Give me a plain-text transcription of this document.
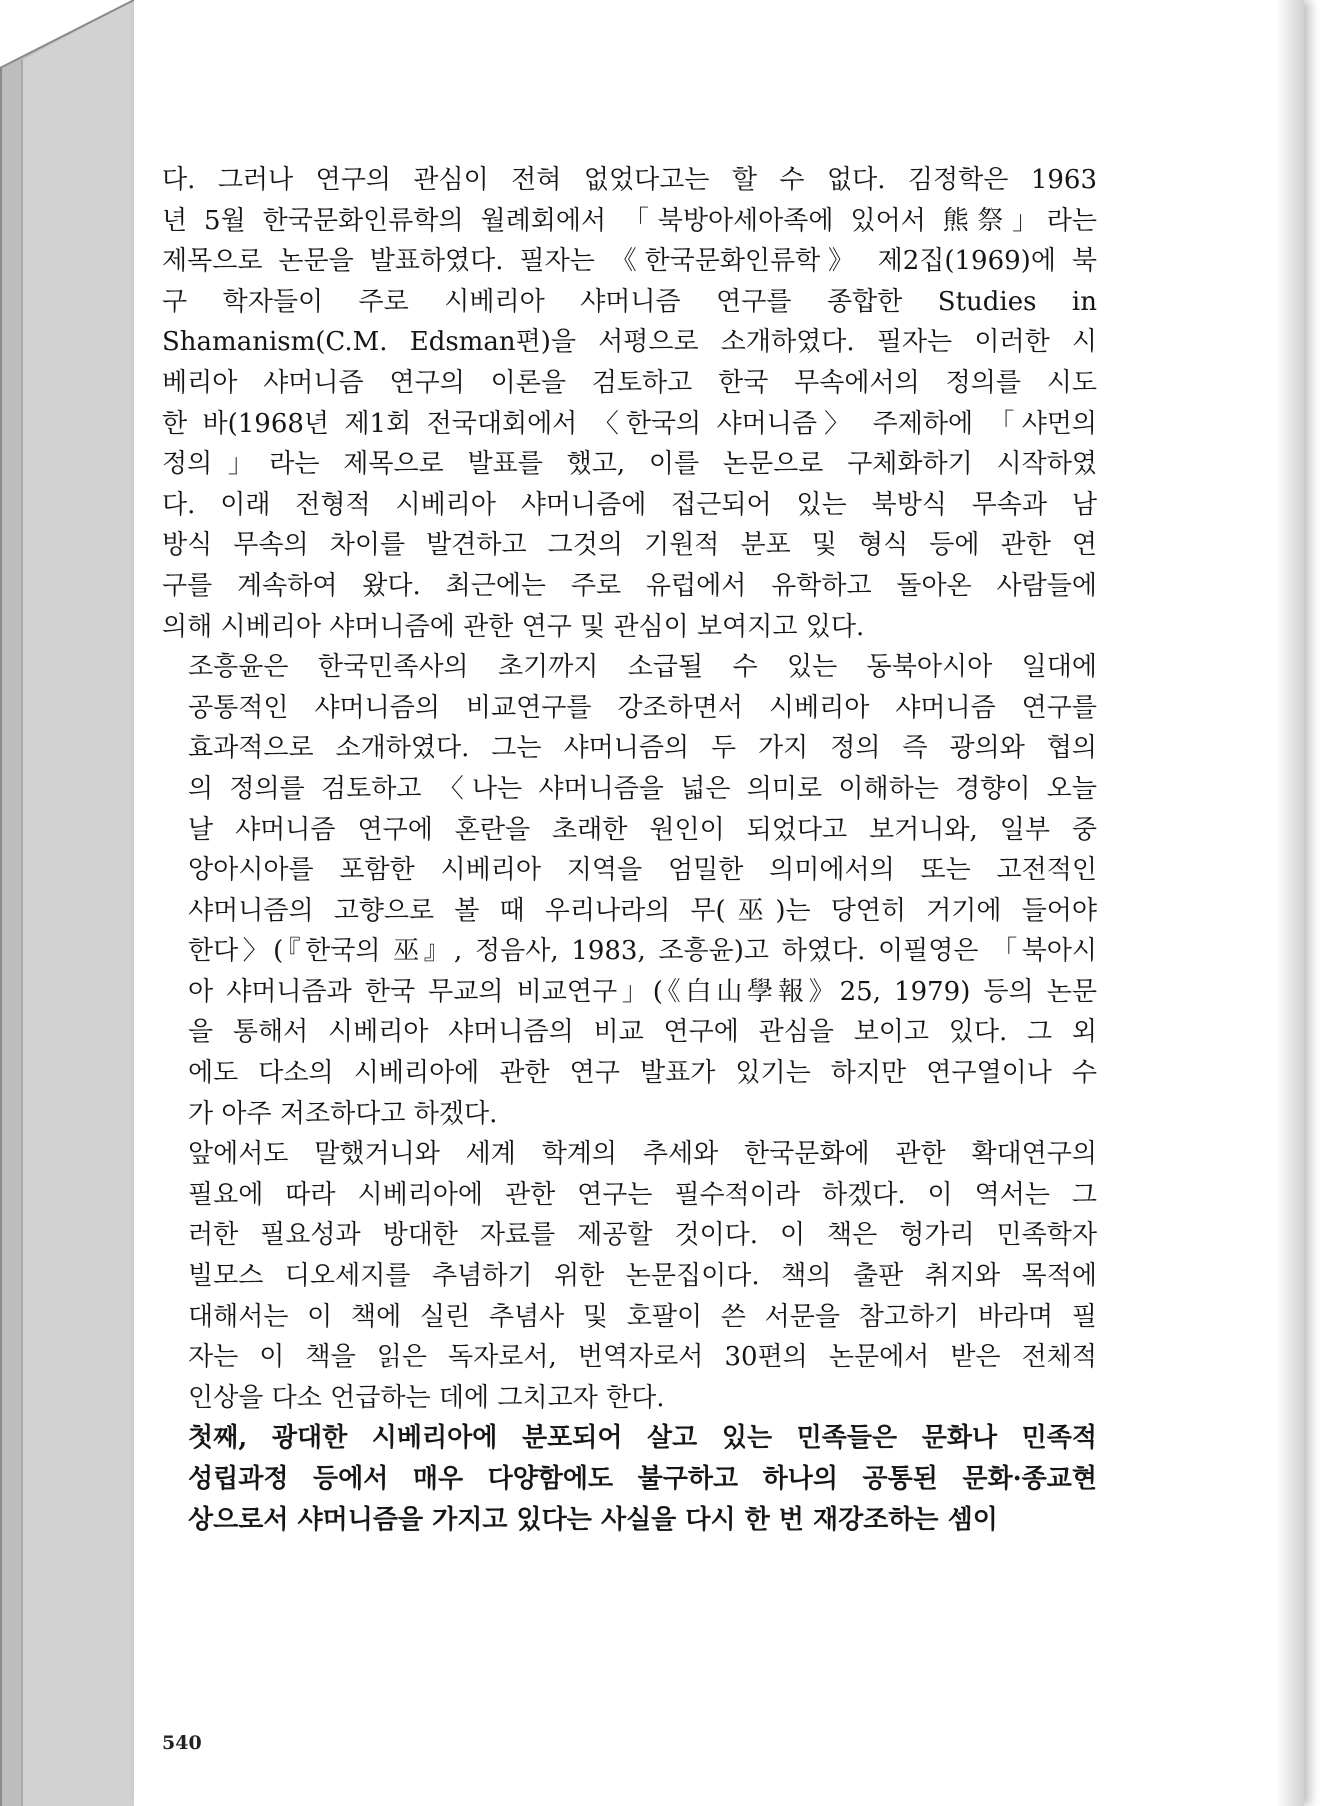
다. 그러나 연구의 관심이 전혀 없었다고는 할 수 없다. 김정학은 1963
년 5월 한국문화인류학의 월례회에서 「북방아세아족에 있어서 熊祭」라는
제목으로 논문을 발표하였다. 필자는 《한국문화인류학》 제2집(1969)에 북
구 학자들이 주로 시베리아 샤머니즘 연구를 종합한 Studies in
Shamanism(C.M. Edsman편)을 서평으로 소개하였다. 필자는 이러한 시
베리아 샤머니즘 연구의 이론을 검토하고 한국 무속에서의 정의를 시도
한 바(1968년 제1회 전국대회에서 〈한국의 샤머니즘〉 주제하에 「샤먼의
정의」라는 제목으로 발표를 했고, 이를 논문으로 구체화하기 시작하였
다. 이래 전형적 시베리아 샤머니즘에 접근되어 있는 북방식 무속과 남
방식 무속의 차이를 발견하고 그것의 기원적 분포 및 형식 등에 관한 연
구를 계속하여 왔다. 최근에는 주로 유럽에서 유학하고 돌아온 사람들에
의해 시베리아 샤머니즘에 관한 연구 및 관심이 보여지고 있다.
조흥윤은 한국민족사의 초기까지 소급될 수 있는 동북아시아 일대에
공통적인 샤머니즘의 비교연구를 강조하면서 시베리아 샤머니즘 연구를
효과적으로 소개하였다. 그는 샤머니즘의 두 가지 정의 즉 광의와 협의
의 정의를 검토하고 〈나는 샤머니즘을 넓은 의미로 이해하는 경향이 오늘
날 샤머니즘 연구에 혼란을 초래한 원인이 되었다고 보거니와, 일부 중
앙아시아를 포함한 시베리아 지역을 엄밀한 의미에서의 또는 고전적인
샤머니즘의 고향으로 볼 때 우리나라의 무(巫)는 당연히 거기에 들어야
한다〉(『한국의 巫』, 정음사, 1983, 조흥윤)고 하였다. 이필영은 「북아시
아 샤머니즘과 한국 무교의 비교연구」(《白山學報》25, 1979) 등의 논문
을 통해서 시베리아 샤머니즘의 비교 연구에 관심을 보이고 있다. 그 외
에도 다소의 시베리아에 관한 연구 발표가 있기는 하지만 연구열이나 수
가 아주 저조하다고 하겠다.
앞에서도 말했거니와 세계 학계의 추세와 한국문화에 관한 확대연구의
필요에 따라 시베리아에 관한 연구는 필수적이라 하겠다. 이 역서는 그
러한 필요성과 방대한 자료를 제공할 것이다. 이 책은 헝가리 민족학자
빌모스 디오세지를 추념하기 위한 논문집이다. 책의 출판 취지와 목적에
대해서는 이 책에 실린 추념사 및 호팔이 쓴 서문을 참고하기 바라며 필
자는 이 책을 읽은 독자로서, 번역자로서 30편의 논문에서 받은 전체적
인상을 다소 언급하는 데에 그치고자 한다.
첫째, 광대한 시베리아에 분포되어 살고 있는 민족들은 문화나 민족적
성립과정 등에서 매우 다양함에도 불구하고 하나의 공통된 문화·종교현
상으로서 샤머니즘을 가지고 있다는 사실을 다시 한 번 재강조하는 셈이
540
